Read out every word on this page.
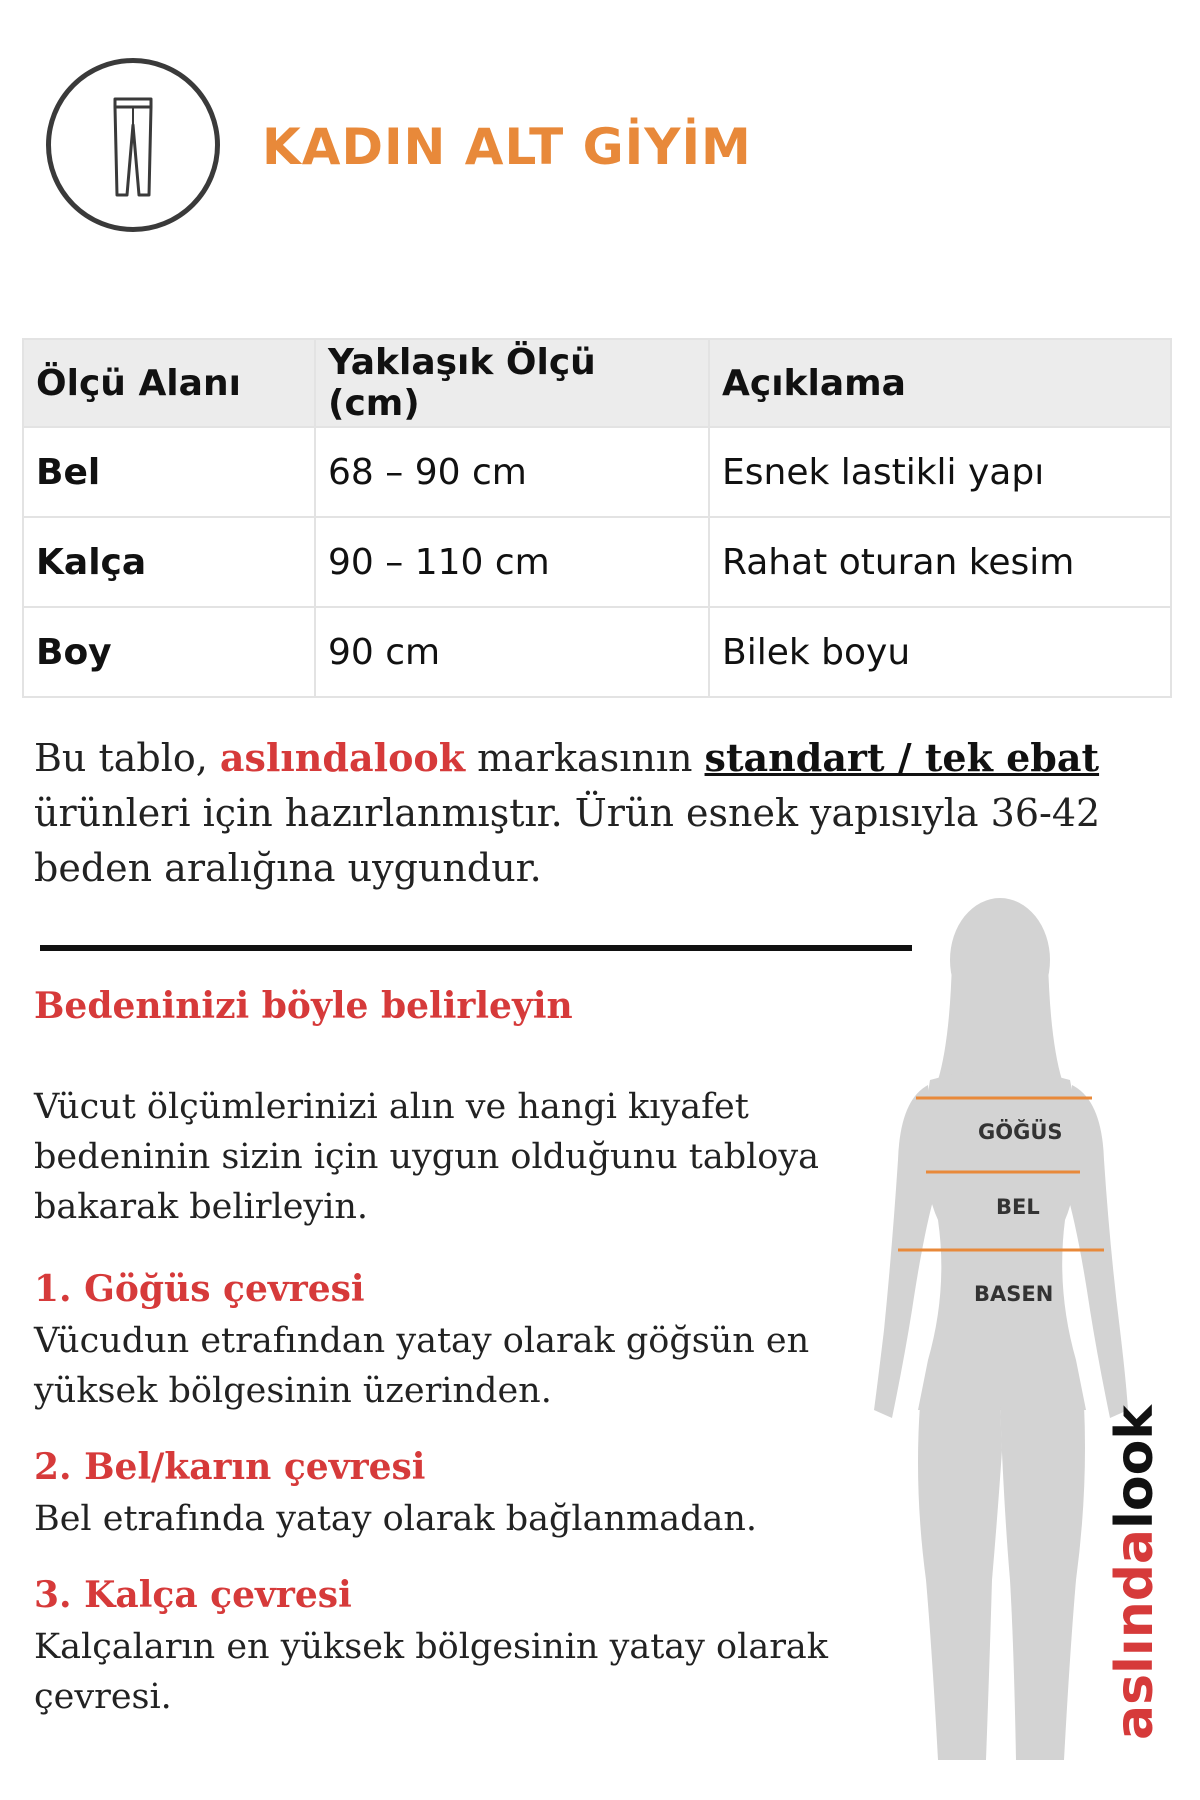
KADIN ALT GİYİM
Ölçü Alanı	Yaklaşık Ölçü (cm)	Açıklama
Bel	68 – 90 cm	Esnek lastikli yapı
Kalça	90 – 110 cm	Rahat oturan kesim
Boy	90 cm	Bilek boyu
Bu tablo, aslındalook markasının standart / tek ebat ürünleri için hazırlanmıştır. Ürün esnek yapısıyla 36-42 beden aralığına uygundur.
Bedeninizi böyle belirleyin
Vücut ölçümlerinizi alın ve hangi kıyafet bedeninin sizin için uygun olduğunu tabloya bakarak belirleyin.
1. Göğüs çevresi
Vücudun etrafından yatay olarak göğsün en yüksek bölgesinin üzerinden.
2. Bel/karın çevresi
Bel etrafında yatay olarak bağlanmadan.
3. Kalça çevresi
Kalçaların en yüksek bölgesinin yatay olarak çevresi.
GÖĞÜS
BEL
BASEN
aslındalook
